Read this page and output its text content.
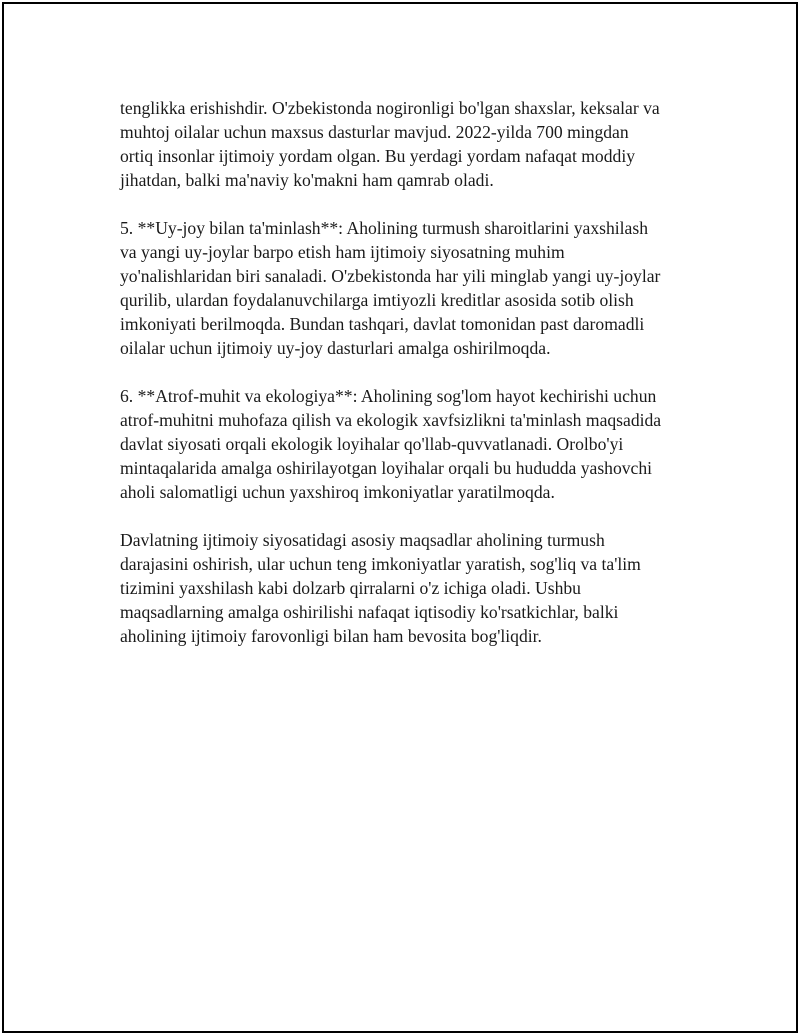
tenglikka erishishdir. O'zbekistonda nogironligi bo'lgan shaxslar, keksalar va
muhtoj oilalar uchun maxsus dasturlar mavjud. 2022-yilda 700 mingdan
ortiq insonlar ijtimoiy yordam olgan. Bu yerdagi yordam nafaqat moddiy
jihatdan, balki ma'naviy ko'makni ham qamrab oladi.

5. **Uy-joy bilan ta'minlash**: Aholining turmush sharoitlarini yaxshilash
va yangi uy-joylar barpo etish ham ijtimoiy siyosatning muhim
yo'nalishlaridan biri sanaladi. O'zbekistonda har yili minglab yangi uy-joylar
qurilib, ulardan foydalanuvchilarga imtiyozli kreditlar asosida sotib olish
imkoniyati berilmoqda. Bundan tashqari, davlat tomonidan past daromadli
oilalar uchun ijtimoiy uy-joy dasturlari amalga oshirilmoqda.

6. **Atrof-muhit va ekologiya**: Aholining sog'lom hayot kechirishi uchun
atrof-muhitni muhofaza qilish va ekologik xavfsizlikni ta'minlash maqsadida
davlat siyosati orqali ekologik loyihalar qo'llab-quvvatlanadi. Orolbo'yi
mintaqalarida amalga oshirilayotgan loyihalar orqali bu hududda yashovchi
aholi salomatligi uchun yaxshiroq imkoniyatlar yaratilmoqda.

Davlatning ijtimoiy siyosatidagi asosiy maqsadlar aholining turmush
darajasini oshirish, ular uchun teng imkoniyatlar yaratish, sog'liq va ta'lim
tizimini yaxshilash kabi dolzarb qirralarni o'z ichiga oladi. Ushbu
maqsadlarning amalga oshirilishi nafaqat iqtisodiy ko'rsatkichlar, balki
aholining ijtimoiy farovonligi bilan ham bevosita bog'liqdir.
